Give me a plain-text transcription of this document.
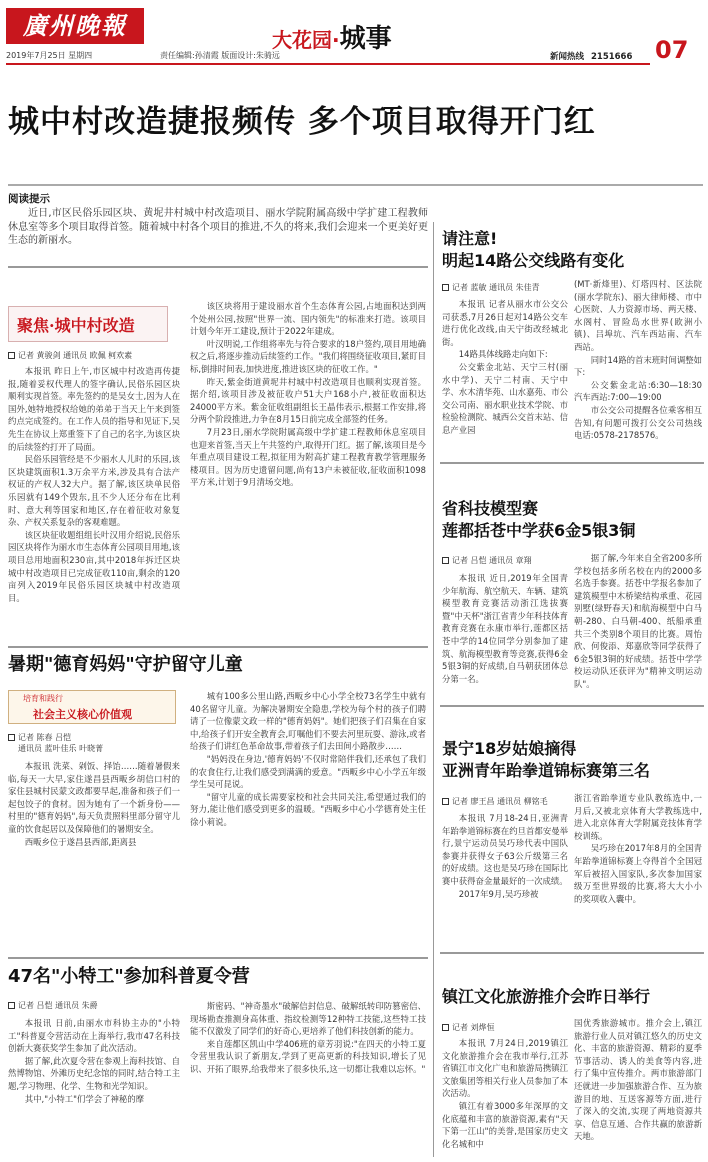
廣州晚報	大花园·城事	07
2019年7月25日 星期四	责任编辑:孙清霞 版面设计:朱骑远	新闻热线 2151666
城中村改造捷报频传 多个项目取得开门红
阅读提示

近日,市区民俗乐园区块、黄坭井村城中村改造项目、丽水学院附属高级中学扩建工程教师休息室等多个项目取得首签。随着城中村各个项目的推进,不久的将来,我们会迎来一个更美好更生态的新丽水。

聚焦·城中村改造
记者 黄骏剑 通讯员 欧佩 柯欢素

本报讯 昨日上午,市区城中村改造再传捷报,随着妥权代理人的签字确认,民俗乐园区块顺利实现首签。率先签约的是吴女士,因为人在国外,她特地授权给她的弟弟于当天上午来到签约点完成签约。在工作人员的指导和见证下,吴先生在协议上郑重签下了自己的名字,为该区块的后续签约打开了局面。

民俗乐园管经是不少丽水人儿时的乐园,该区块建筑面积1.3万余平方米,涉及具有合法产权证的产权人32大户。据了解,该区块单民俗乐园就有149个毁东,且不少人还分布在比利时、意大利等国家和地区,存在着征收对象复杂、产权关系复杂的客观难题。

该区块征收题组组长叶汉用介绍说,民俗乐园区块将作为丽水市生态体育公园项目用地,该项目总用地面积230亩,其中2018年拆迁区块城中村改造项目已完成征收110亩,剩余的120亩列入2019年民俗乐园区块城中村改造项目。

该区块将用于建设丽水首个生态体育公园,占地面积达到两个处州公园,按照"世界一流、国内领先"的标准来打造。该项目计划今年开工建设,预计于2022年建成。

叶汉明说,工作组将率先与符合要求的18户签约,项目用地确权之后,将逐步推动后续签约工作。"我们将围绕征收项目,紧盯目标,倒排时间表,加快进度,推进该区块的征收工作。"

昨天,紫金街道黄坭井村城中村改造项目也顺利实现首签。据介绍,该项目涉及被征收户51大户168小户,被征收面积达24000平方米。紫金征收组副组长王晶伟表示,根据工作安排,将分两个阶段推进,力争在8月15日前完成全部签约任务。

7月23日,丽水学院附属高级中学扩建工程教师休息室项目也迎来首签,当天上午共签约户,取得开门红。据了解,该项目是今年重点项目建设工程,拟征用为附高扩建工程教育教学管理服务楼项目。因为历史遗留问题,尚有13户未被征收,征收面积1098平方米,计划于9月清场交地。

暑期"德育妈妈"守护留守儿童
培育和践行
社会主义核心价值观
记者 陈春 吕恺
通讯员 蓝叶佳乐 叶晓菁

本报讯 洗菜、剁饭、择饴……随着暑假来临,每天一大早,家住遂昌县西畈乡胡信口村的家住县城村民蒙文政都要早起,准备和孩子们一起包饺子的食材。因为她有了一个新身份——村里的"德育妈妈",每天负责照料里部分留守儿童的饮食起居以及保障他们的暑期安全。

西畈乡位于遂昌县西部,距离县

城有100多公里山路,西畈乡中心小学全校73名学生中就有40名留守儿童。为解决暑期安全隐患,学校为每个村的孩子们聘请了一位像蒙文政一样的"德育妈妈"。她们把孩子们召集在自家中,给孩子们开安全教育会,叮嘱他们不要去河里玩耍、游泳,或者给孩子们讲红色革命故事,带着孩子们去田间小路散步……

"妈妈没在身边,'德育妈妈'不仅时常陪伴我们,还承包了我们的农食住行,让我们感受到满满的爱意。"西畈乡中心小学五年级学生吴可昆说。

"留守儿童的成长需要家校和社会共同关注,希望通过我们的努力,能让他们感受到更多的温暖。"西畈乡中心小学德育处主任徐小莉说。

47名"小特工"参加科普夏令营
记者 吕恺 通讯员 朱爵

本报讯 日前,由丽水市科协主办的"小特工"科普夏令营活动在上海举行,我市47名科技创新大赛获奖学生参加了此次活动。

据了解,此次夏令营在参观上海科技馆、自然博物馆、外滩历史纪念馆的同时,结合特工主题,学习物理、化学、生物和光学知识。

其中,"小特工"们学会了神秘的摩

斯密码、"神奇墨水"破解信封信息、破解纸转印防篡密信、现场勘查推测身高体重、指纹检测等12种特工技能,这些特工技能不仅激发了同学们的好奇心,更培养了他们科技创新的能力。

来自莲都区凯山中学406班的章芳羽说:"在四天的小特工夏令营里我认识了新朋友,学到了更高更新的科技知识,增长了见识、开拓了眼界,给我带来了很多快乐,这一切都让我难以忘怀。"

请注意!
明起14路公交线路有变化
记者 蓝敏 通讯员 朱佳青

本报讯 记者从丽水市公交公司获悉,7月26日起对14路公交车进行优化改线,由天宁街改经城北街。

14路具体线路走向如下:

公交紫金北站、天宁三村(丽水中学)、天宁二村南、天宁中学、水木清华苑、山水嘉苑、市公交公司南、丽水职业技术学院、市检验检测院、城西公交首末站、信息产业园

(MT·新烽里)、灯塔四村、区法院(丽水学院东)、丽大律师楼、市中心医院、人力资源市场、两天楼、水阁村、冒险岛水世界(欧洲小镇)、吕埠坑、汽车西站南、汽车西站。

同时14路的首末班时间调整如下:

公交紫金北站:6:30—18:30 汽车西站:7:00—19:00

市公交公司提醒各位乘客相互告知,有问题可拨打公交公司热线电话:0578-2178576。

省科技模型赛
莲都括苍中学获6金5银3铜
记者 吕恺 通讯员 章翔

本报讯 近日,2019年全国青少年航海、航空航天、车辆、建筑模型教育竞赛活动浙江选拔赛暨"中天杯"浙江省青少年科技体育教育竞赛在永康市举行,莲都区括苍中学的14位同学分别参加了建筑、航海模型教育等竞赛,获得6金5银3铜的好成绩,自马朝获团体总分第一名。

据了解,今年来自全省200多所学校包括多所名校在内的2000多名选手参赛。括苍中学报名参加了建筑模型中木桥梁结构承重、花园别墅(绿野春天)和航海模型中白马朝-280、白马朝-400、纸船承重共三个类别8个项目的比赛。周怡欣、何俊添、郑嘉欣等同学获得了6金5银3铜的好成绩。括苍中学学校运动队还获评为"精神文明运动队"。

景宁18岁姑娘摘得
亚洲青年跆拳道锦标赛第三名
记者 廖王昌 通讯员 柳铭毛

本报讯 7月18-24日,亚洲青年跆拳道锦标赛在约旦首都安曼举行,景宁运动员吴巧珍代表中国队参赛并获得女子63公斤级第三名的好成绩。这也是吴巧珍在国际比赛中获得奋金量最好的一次成绩。

2017年9月,吴巧珍被

浙江省跆拳道专业队教练选中,一月后,又被北京体育大学教练选中,进入北京体育大学附属竞技体育学校训练。

吴巧珍在2017年8月的全国青年跆拳道锦标赛上夺得首个全国冠军后被招入国家队,多次参加国家级万至世界级的比赛,将大大小小的奖项收入囊中。

镇江文化旅游推介会昨日举行
记者 刘烨恒

本报讯 7月24日,2019镇江文化旅游推介会在我市举行,江苏省镇江市文化广电和旅游局携镇江文旅集团等相关行业人员参加了本次活动。

镇江有着3000多年深厚的文化底蕴和丰富的旅游资源,素有"天下第一江山"的美誉,是国家历史文化名城和中

国优秀旅游城市。推介会上,镇江旅游行业人员对镇江悠久的历史文化、丰富的旅游资源、精彩的夏季节事活动、诱人的美食等内容,进行了集中宣传推介。两市旅游部门还就进一步加强旅游合作、互为旅游目的地、互送客源等方面,进行了深入的交流,实现了两地资源共享、信息互通、合作共赢的旅游新天地。
